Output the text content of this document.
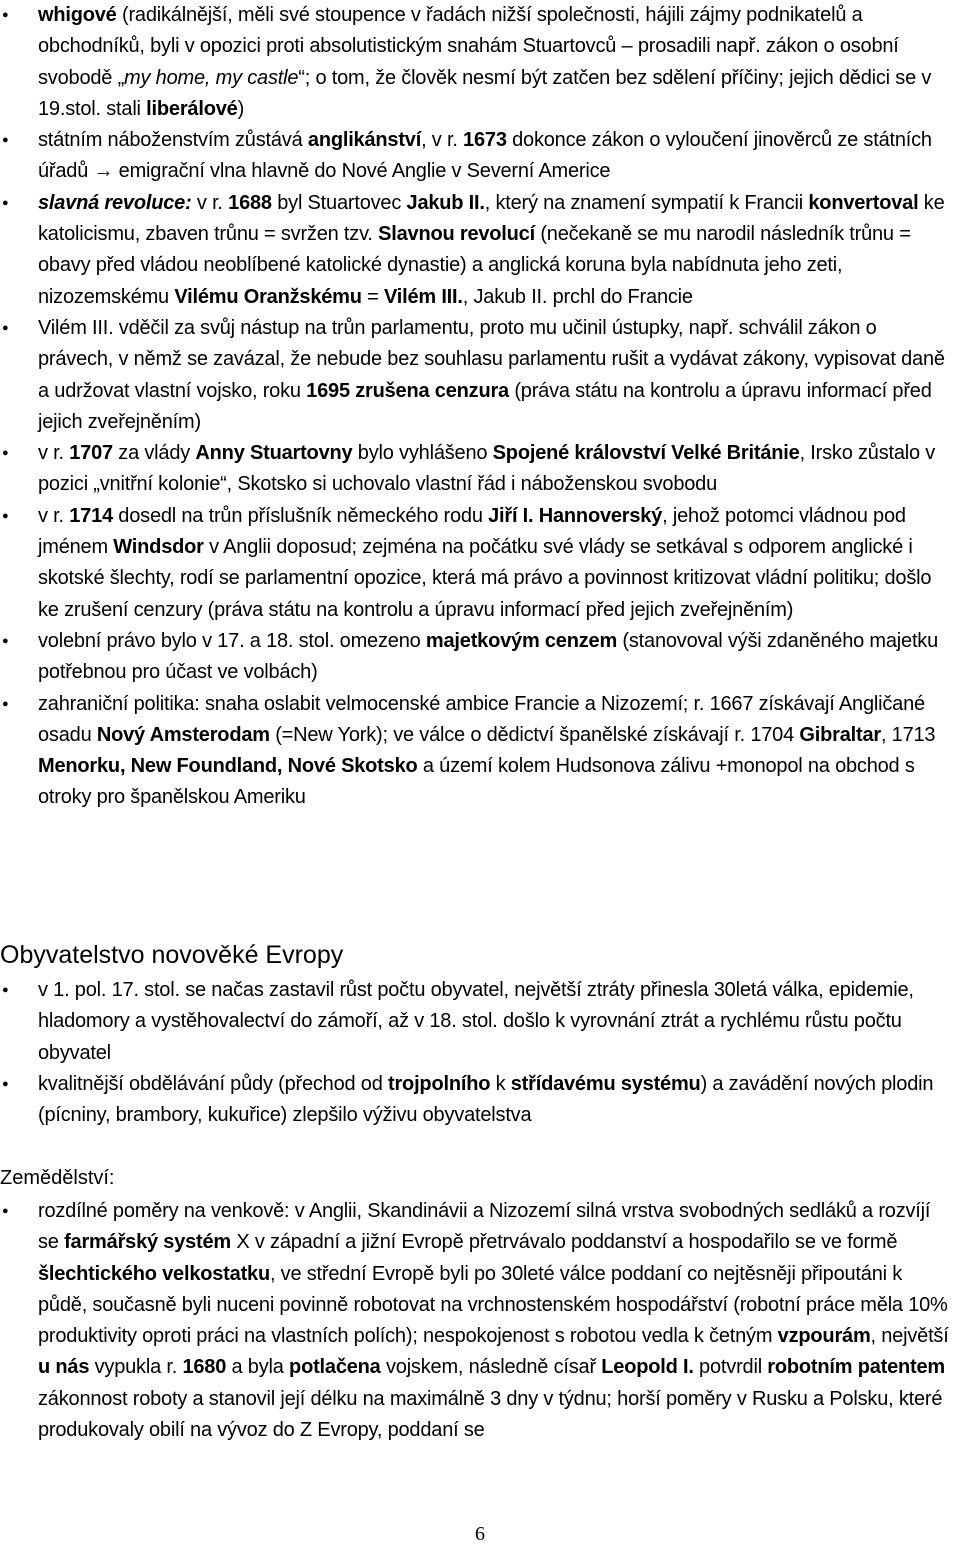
● whigové (radikálnější, měli své stoupence v řadách nižší společnosti, hájili zájmy podnikatelů a obchodníků, byli v opozici proti absolutistickým snahám Stuartovců – prosadili např. zákon o osobní svobodě „my home, my castle“; o tom, že člověk nesmí být zatčen bez sdělení příčiny; jejich dědici se v 19.stol. stali liberálové)
● státním náboženstvím zůstává anglikánství, v r. 1673 dokonce zákon o vyloučení jinověrců ze státních úřadů → emigrační vlna hlavně do Nové Anglie v Severní Americe
● slavná revoluce: v r. 1688 byl Stuartovec Jakub II., který na znamení sympatií k Francii konvertoval ke katolicismu, zbaven trůnu = svržen tzv. Slavnou revolucí (nečekaně se mu narodil následník trůnu = obavy před vládou neoblíbené katolické dynastie) a anglická koruna byla nabídnuta jeho zeti, nizozemskému Vilému Oranžskému = Vilém III., Jakub II. prchl do Francie
● Vilém III. vděčil za svůj nástup na trůn parlamentu, proto mu učinil ústupky, např. schválil zákon o právech, v němž se zavázal, že nebude bez souhlasu parlamentu rušit a vydávat zákony, vypisovat daně a udržovat vlastní vojsko, roku 1695 zrušena cenzura (práva státu na kontrolu a úpravu informací před jejich zveřejněním)
● v r. 1707 za vlády Anny Stuartovny bylo vyhlášeno Spojené království Velké Británie, Irsko zůstalo v pozici „vnitřní kolonie“, Skotsko si uchovalo vlastní řád i náboženskou svobodu
● v r. 1714 dosedl na trůn příslušník německého rodu Jiří I. Hannoverský, jehož potomci vládnou pod jménem Windsdor v Anglii doposud; zejména na počátku své vlády se setkával s odporem anglické i skotské šlechty, rodí se parlamentní opozice, která má právo a povinnost kritizovat vládní politiku; došlo ke zrušení cenzury (práva státu na kontrolu a úpravu informací před jejich zveřejněním)
● volební právo bylo v 17. a 18. stol. omezeno majetkovým cenzem (stanovoval výši zdaněného majetku potřebnou pro účast ve volbách)
● zahraniční politika: snaha oslabit velmocenské ambice Francie a Nizozemí; r. 1667 získávají Angličané osadu Nový Amsterodam (=New York); ve válce o dědictví španělské získávají r. 1704 Gibraltar, 1713 Menorku, New Foundland, Nové Skotsko a území kolem Hudsonova zálivu +monopol na obchod s otroky pro španělskou Ameriku
Obyvatelstvo novověké Evropy
● v 1. pol. 17. stol. se načas zastavil růst počtu obyvatel, největší ztráty přinesla 30letá válka, epidemie, hladomory a vystěhovalectví do zámoří, až v 18. stol. došlo k vyrovnání ztrát a rychlému růstu počtu obyvatel
● kvalitnější obdělávání půdy (přechod od trojpolního k střídavému systému) a zavádění nových plodin (pícniny, brambory, kukuřice) zlepšilo výživu obyvatelstva
Zemědělství:
● rozdílné poměry na venkově: v Anglii, Skandinávii a Nizozemí silná vrstva svobodných sedláků a rozvíjí se farmářský systém X v západní a jižní Evropě přetrvávalo poddanství a hospodařilo se ve formě šlechtického velkostatku, ve střední Evropě byli po 30leté válce poddaní co nejtěsněji připoutáni k půdě, současně byli nuceni povinně robotovat na vrchnostenském hospodářství (robotní práce měla 10% produktivity oproti práci na vlastních polích); nespokojenost s robotou vedla k četným vzpourám, největší u nás vypukla r. 1680 a byla potlačena vojskem, následně císař Leopold I. potvrdil robotním patentem zákonnost roboty a stanovil její délku na maximálně 3 dny v týdnu; horší poměry v Rusku a Polsku, které produkovaly obilí na vývoz do Z Evropy, poddaní se
6
